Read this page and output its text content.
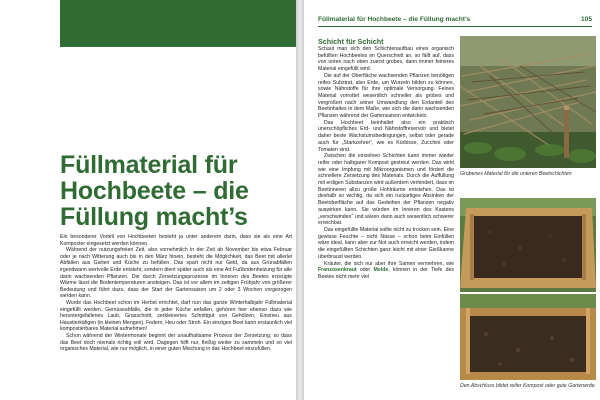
Füllmaterial für
Hochbeete – die
Füllung macht’s

Ein besonderer Vorteil von Hochbeeten besteht ja unter anderem darin, dass sie als eine Art Komposter eingesetzt werden können.

Während der nutzungsfreien Zeit, also vornehmlich in der Zeit ab November bis etwa Februar oder je nach Witterung auch bis in den März hinein, besteht die Möglichkeit, das Beet mit allerlei Abfällen aus Garten und Küche zu befüllen. Das spart nicht nur Geld, da aus Grünabfällen irgendwann wertvolle Erde entsteht, sondern dient später auch als eine Art Fußbodenheizung für alle darin wachsenden Pflanzen. Die durch Zersetzungsprozesse im Inneren des Beetes erzeugte Wärme lässt die Bodentemperaturen ansteigen. Das ist vor allem im zeitigen Frühjahr von größerer Bedeutung und führt dazu, dass der Start der Gartensaison um 2 oder 3 Wochen vorgezogen werden kann.

Wurde das Hochbeet schon im Herbst errichtet, darf nun das ganze Winterhalbjahr Füllmaterial eingefüllt werden. Gemüseabfälle, die in jeder Küche anfallen, gehören hier ebenso dazu wie heruntergefallenes Laub, Grasschnitt, zerkleinertes Schnittgut von Gehölzen, Einstreu aus Haustierkäfigen (in kleinen Mengen), Federn, Heu oder Stroh. Ein einziges Beet kann erstaunlich viel kompostierbares Material aufnehmen!

Schon während der Wintermonate beginnt der unaufhaltsame Prozess der Zersetzung, so dass das Beet doch niemals richtig voll wird. Dagegen hilft nur, fleißig weiter zu sammeln und so viel organisches Material, wie nur möglich, in einer guten Mischung in das Hochbeet einzufüllen.

Füllmaterial für Hochbeete – die Füllung macht’s	105
Schicht für Schicht

Schaut man sich den Schichtenaufbau eines organisch befüllten Hochbeetes im Querschnitt an, so fällt auf, dass von unten nach oben zuerst grobes, dann immer feineres Material eingefüllt wird.

Die auf der Oberfläche wachsenden Pflanzen benötigen reifes Substrat, also Erde, um Wurzeln bilden zu können, sowie Nährstoffe für ihre optimale Versorgung. Feines Material vorrottet wesentlich schneller als grobes und vergrößert nach seiner Umwandlung den Erdanteil des Beetinhaltes in dem Maße, wie sich die darin wachsenden Pflanzen während der Gartensaison entwickeln.

Das Hochbeet beinhaltet also ein praktisch unerschöpfliches Erd- und Nährstoffreservoir und bietet daher beste Wachstumsbedingungen, selbst oder gerade auch für „Starkzehrer“, wie es Kürbisse, Zucchini oder Tomaten sind.

Zwischen die einzelnen Schichten kann immer wieder reifer oder halbgarer Kompost gestreut werden. Das wirkt wie eine Impfung mit Mikroorganismen und fördert die schnellere Zersetzung des Materials. Durch die Auffüllung mit erdigen Substanzen wird außerdem verhindert, dass im Beetinneren allzu große Hohlräume entstehen. Das ist deshalb so wichtig, da sich ein ruckartiges Absinken der Beetoberfläche auf das Gedeihen der Pflanzen negativ auswirken kann. Sie würden im Inneren des Kastens „verschwinden“ und wären dann auch wesentlich schwerer erreichbar.

Das eingefüllte Material sollte nicht zu trocken sein. Eine gewisse Feuchte – nicht Nässe – schon beim Einfüllen wäre ideal, kann aber zur Not auch erreicht werden, indem die eingefüllten Schichten ganz leicht mit einer Gießkanne überbraust werden.

Kräuter, die sich nur aber ihre Samen vermehren, wie Franzosenkraut oder Melde, können in der Tiefe des Beetes nicht mehr viel

Grobenes Material für die unteren Beetschichten

Den Abschluss bildet reifer Kompost oder gute Gartenerde.
